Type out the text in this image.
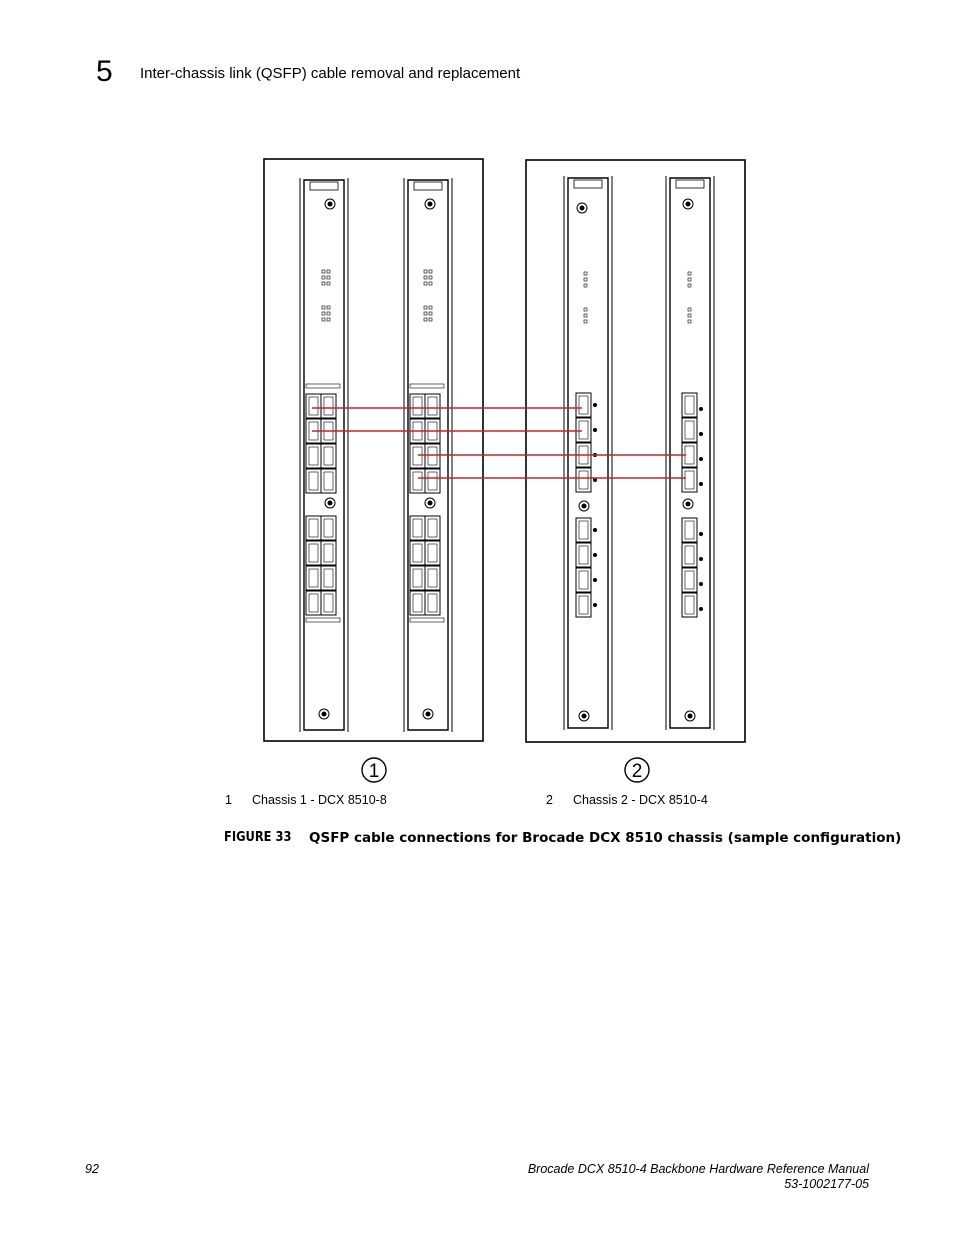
5 Inter-chassis link (QSFP) cable removal and replacement
1	2
1 Chassis 1 - DCX 8510-8	2 Chassis 2 - DCX 8510-4
FIGURE 33 QSFP cable connections for Brocade DCX 8510 chassis (sample configuration)
92	Brocade DCX 8510-4 Backbone Hardware Reference Manual
53-1002177-05
